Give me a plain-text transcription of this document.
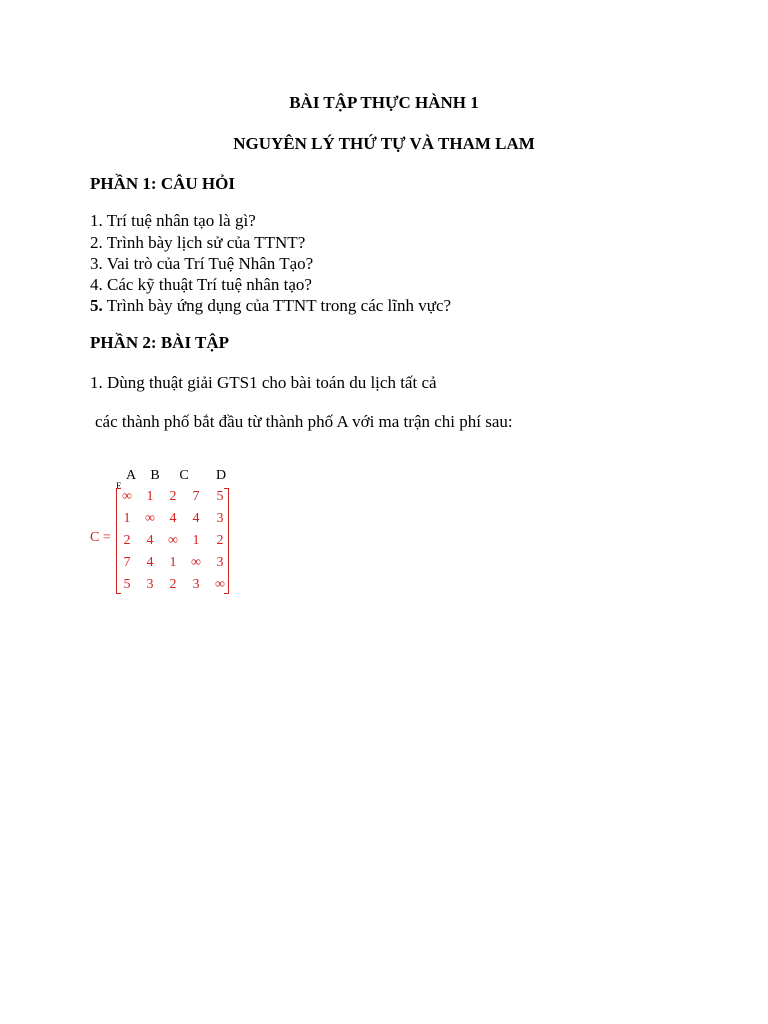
BÀI TẬP THỰC HÀNH 1
NGUYÊN LÝ THỨ TỰ VÀ THAM LAM
PHẦN 1: CÂU HỎI
1. Trí tuệ nhân tạo là gì?
2. Trình bày lịch sử của TTNT?
3. Vai trò của Trí Tuệ Nhân Tạo?
4. Các kỹ thuật Trí tuệ nhân tạo?
5. Trình bày ứng dụng của TTNT trong các lĩnh vực?
PHẦN 2: BÀI TẬP
1. Dùng thuật giải GTS1 cho bài toán du lịch tất cả
các thành phố bắt đầu từ thành phố A với ma trận chi phí sau:
A	B	C	D
E
C =
∞	1	2	7	5
1	∞	4	4	3
2	4	∞	1	2
7	4	1	∞	3
5	3	2	3	∞
